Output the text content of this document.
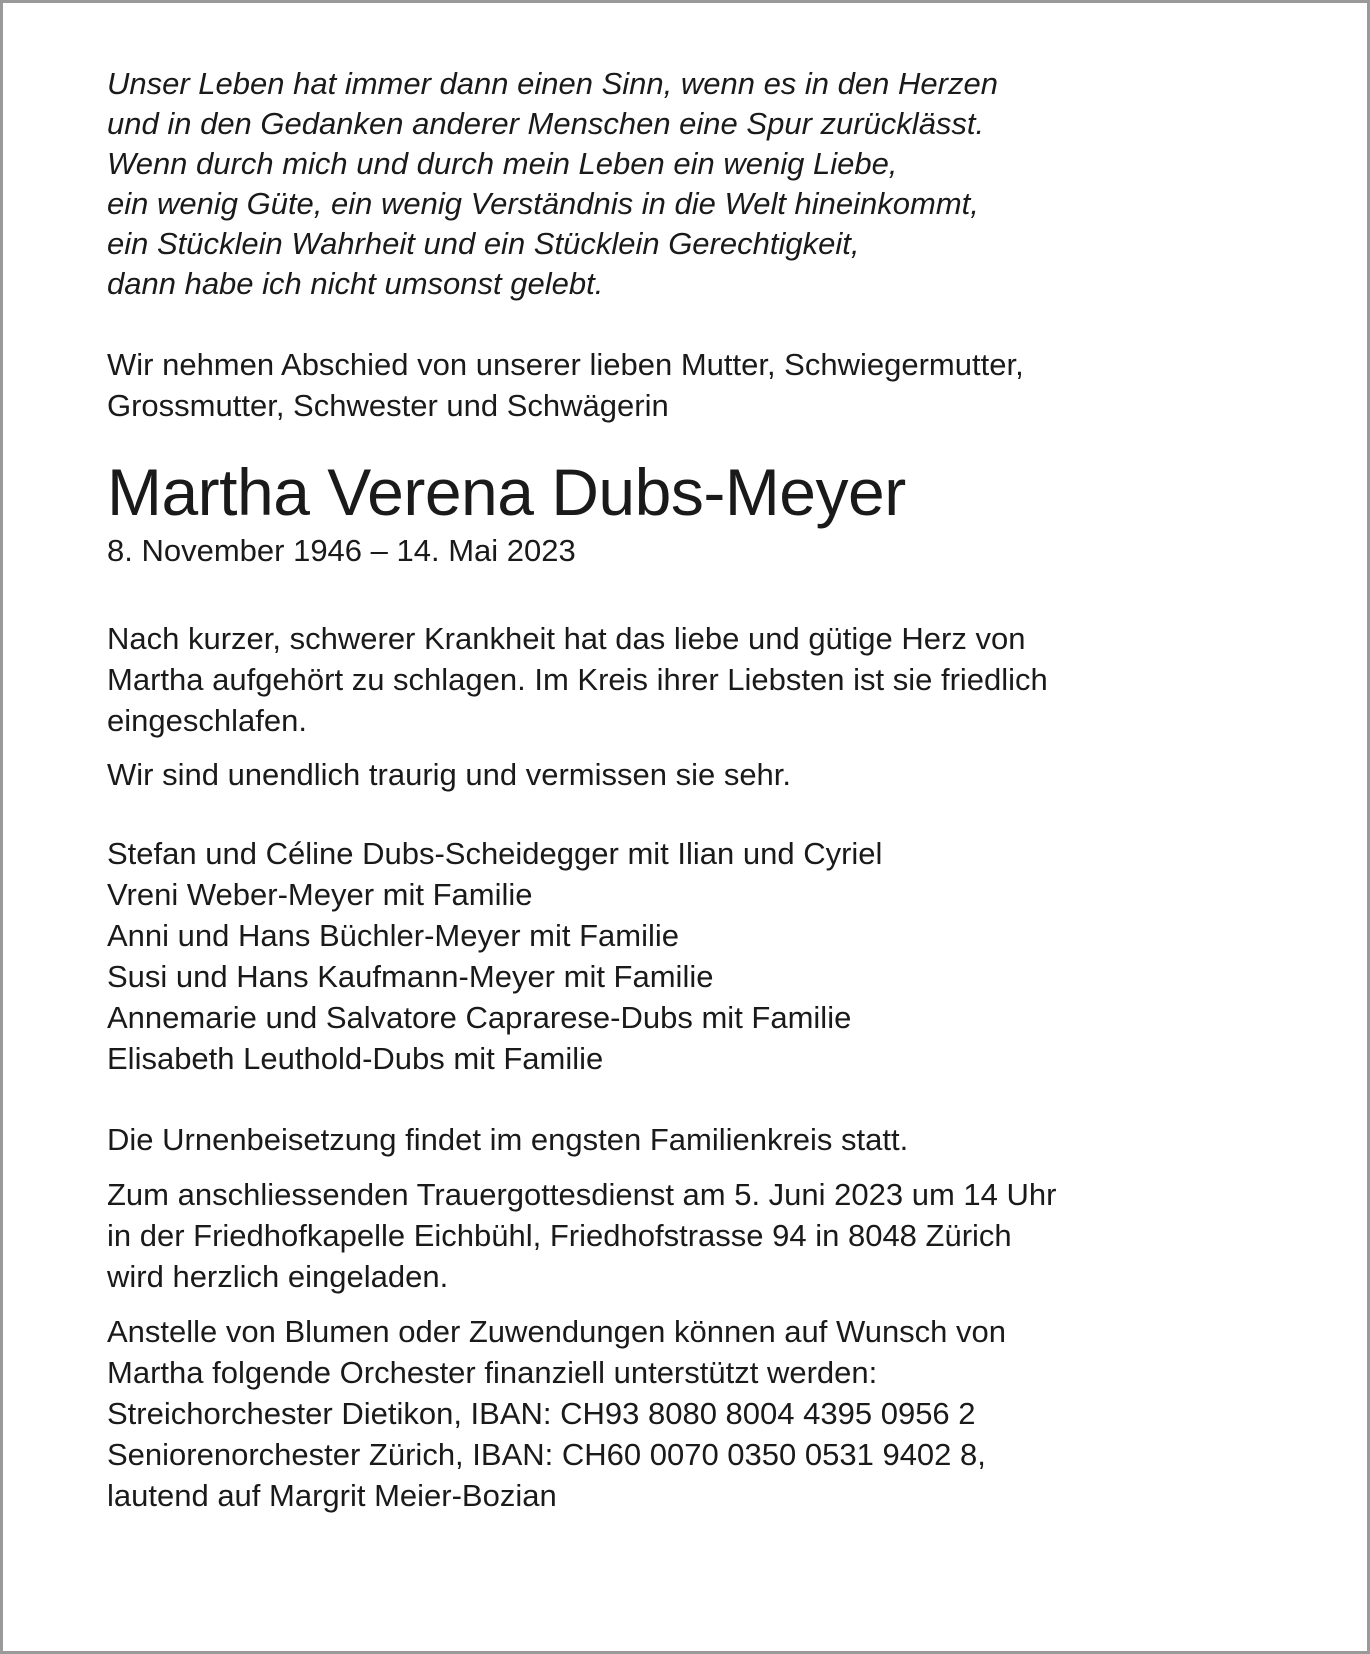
Unser Leben hat immer dann einen Sinn, wenn es in den Herzen
und in den Gedanken anderer Menschen eine Spur zurücklässt.
Wenn durch mich und durch mein Leben ein wenig Liebe,
ein wenig Güte, ein wenig Verständnis in die Welt hineinkommt,
ein Stücklein Wahrheit und ein Stücklein Gerechtigkeit,
dann habe ich nicht umsonst gelebt.
Wir nehmen Abschied von unserer lieben Mutter, Schwiegermutter,
Grossmutter, Schwester und Schwägerin
Martha Verena Dubs-Meyer
8. November 1946 – 14. Mai 2023
Nach kurzer, schwerer Krankheit hat das liebe und gütige Herz von
Martha aufgehört zu schlagen. Im Kreis ihrer Liebsten ist sie friedlich
eingeschlafen.
Wir sind unendlich traurig und vermissen sie sehr.
Stefan und Céline Dubs-Scheidegger mit Ilian und Cyriel
Vreni Weber-Meyer mit Familie
Anni und Hans Büchler-Meyer mit Familie
Susi und Hans Kaufmann-Meyer mit Familie
Annemarie und Salvatore Caprarese-Dubs mit Familie
Elisabeth Leuthold-Dubs mit Familie
Die Urnenbeisetzung findet im engsten Familienkreis statt.
Zum anschliessenden Trauergottesdienst am 5. Juni 2023 um 14 Uhr
in der Friedhofkapelle Eichbühl, Friedhofstrasse 94 in 8048 Zürich
wird herzlich eingeladen.
Anstelle von Blumen oder Zuwendungen können auf Wunsch von
Martha folgende Orchester finanziell unterstützt werden:
Streichorchester Dietikon, IBAN: CH93 8080 8004 4395 0956 2
Seniorenorchester Zürich, IBAN: CH60 0070 0350 0531 9402 8,
lautend auf Margrit Meier-Bozian
